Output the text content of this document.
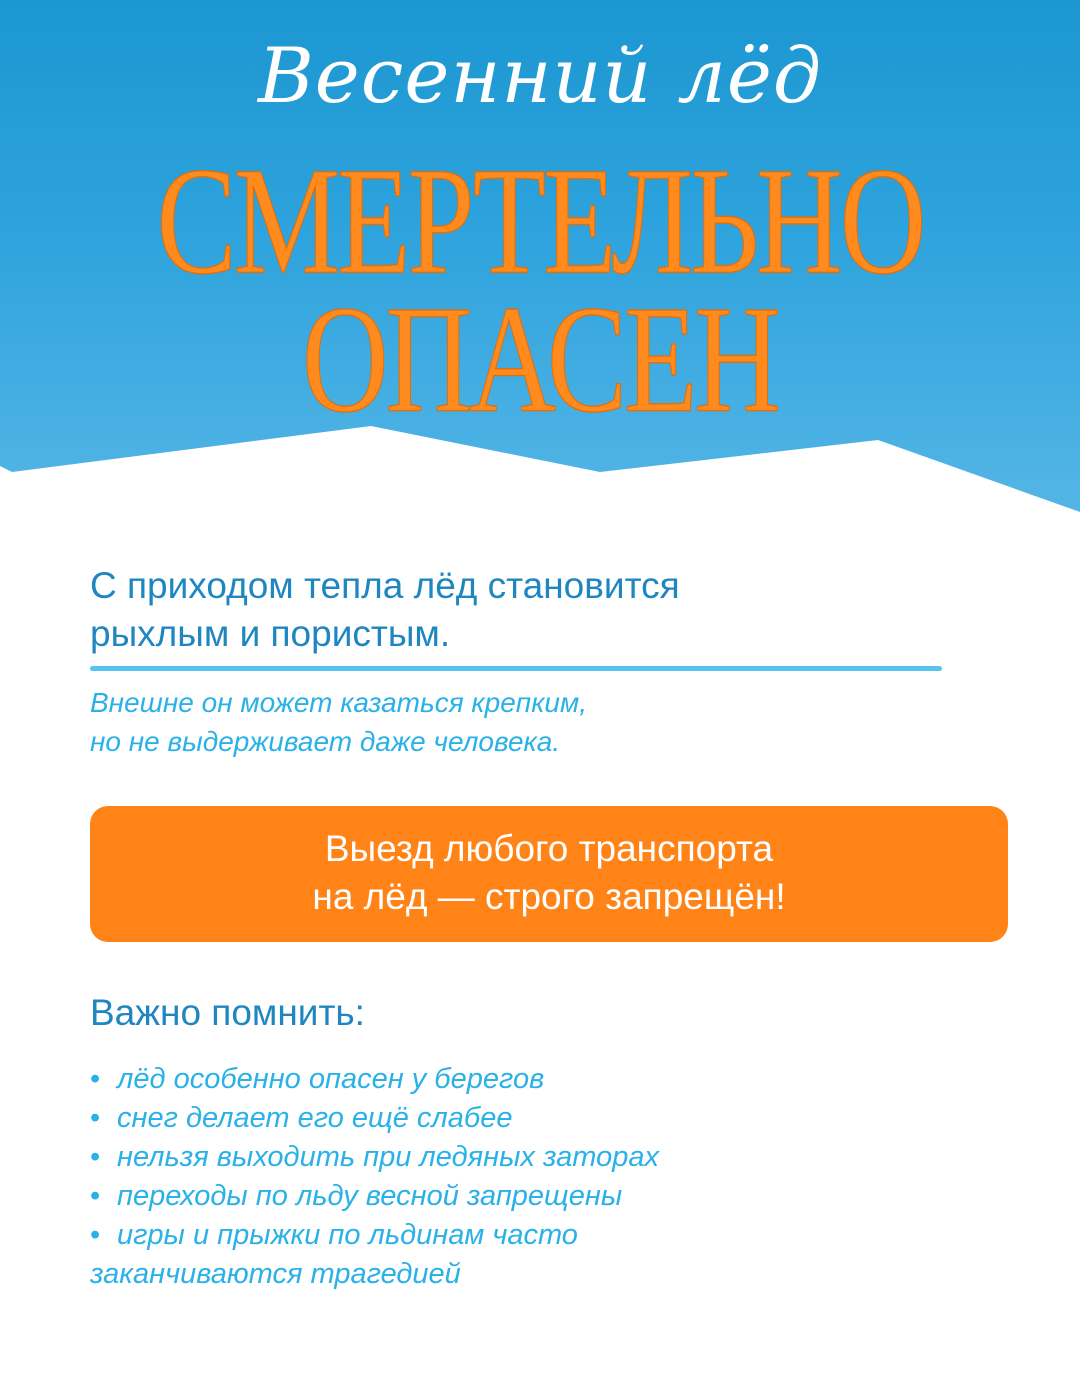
Весенний лёд
СМЕРТЕЛЬНО
ОПАСЕН
С приходом тепла лёд становится
рыхлым и пористым.
Внешне он может казаться крепким,
но не выдерживает даже человека.
Выезд любого транспорта
на лёд — строго запрещён!
Важно помнить:
• лёд особенно опасен у берегов
• снег делает его ещё слабее
• нельзя выходить при ледяных заторах
• переходы по льду весной запрещены
• игры и прыжки по льдинам часто
заканчиваются трагедией
